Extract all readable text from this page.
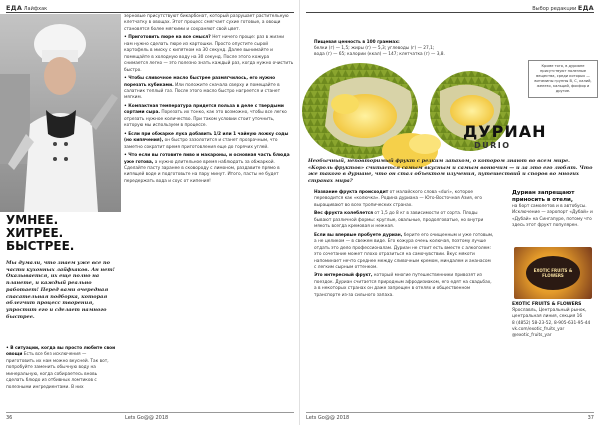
ЕДА Лайфхак
УМНЕЕ. ХИТРЕЕ. БЫСТРЕЕ.
Мы думали, что знаем уже все по части кухонных лайфхаков. Ан нет! Оказывается, их еще полно на планете, и каждый реально работает! Перед вами очередная спасательная подборка, которая облегчит процесс творения, упростит его и сделает намного быстрее.

• В ситуации, когда вы просто любите свои овощи Есть все без исключения — приготовить их нам можно вкусней. Так вот, попробуйте заменить обычную воду на минеральную, когда собираетесь вновь сделать блюдо из отбивных ломтиков с полезными ингредиентами. В них

зерновые присутствуют бикарбонат, который разрушает растительную клетчатку в овощах. Этот процесс смягчает сухие готовые, а овощи становятся более мягкими и сохраняют свой цвет.

• Приготовить пюре на все смысл? Нет ничего проще: раз в жизни нам нужно сделать пюре из картошки. Просто опустите сырой картофель в миску с кипятком на 30 секунд. Далее вынимайте и помещайте в холодную воду на 30 секунд. После этого кожура снимается легко — это полезно знать каждый раз, когда нужно очистить быстро.

• Чтобы сливочное масло быстрее размягчилось, его нужно порезать кубиками. Или положите сначала сверху и помещайте в салатник теплый газ. После этого масло быстро нагреется и станет мягким.

• Компактная температура придется польза в деле с твердыми сортами сыра. Порезать их тонко, как это возможно, чтобы все легко отрезать нужное количество. При таком условии стоит уточнить, которую мы используем в процессе.

• Если при обжарке лука добавить 1/2 или 1 чайную ложку соды (но кипячения), он быстро зазолотится и станет прозрачным, что заметно сократит время приготовления еще до горячих углей.

• Что если вы готовите пиво и макароны, и основная часть блюда уже готова, а нужно длительное время наблюдать за обжаркой. Сделайте пасту заранее в сковороду с лимоном, раздавите прямо в кипящей воде и подготовьте на пару минут. Итого, пасты не будет передержать вода и соус от кипения!

36	Lets Go@@ 2018
Выбор редакции ЕДА
Пищевая ценность в 100 граммах:
белки (г) — 1,5; жиры (г) — 5,3; углеводы (г) — 27,1;
вода (г) — 65; калории (ккал) — 147; клетчатка (г) — 3,8.
Кроме того, в дуриане присутствуют полезные вещества, среди которых — витамины группы B, C, калий, железо, кальций, фосфор и другие.
ДУРИАН
DURIO
Необычный, неповторимый фрукт с резким запахом, о котором знают во всем мире. «Король фруктов» считается самым вкусным и самым вонючим — и за это его любят. Что же такого в дуриане, что он стал объектом изучения, путешествий и споров во многих странах мира?

Название фрукта происходит от малайского слова «duri», которое переводится как «колючка». Родина дуриана — Юго-Восточная Азия, его выращивают во всех тропических странах.

Вес фрукта колеблется от 1,5 до 8 кг в зависимости от сорта. Плоды бывают различной формы: круглые, овальные, продолговатые, но внутри мякоть всегда кремовая и нежная.

Если вы впервые пробуете дуриан, берите его очищенным и уже готовым, а не целиком — в свежем виде. Его кожура очень колючая, поэтому лучше отдать это дело профессионалам. Дуриан не стоит есть вместе с алкоголем: это сочетание может плохо отразиться на самочувствии. Вкус мякоти напоминает нечто среднее между сливочным кремом, миндалем и ананасом с легким сырным оттенком.

Это интересный фрукт, который многие путешественники привозят из поездок. Дуриан считается природным афродизиаком, его едят на свадьбах, а в некоторых странах он даже запрещен в отелях и общественном транспорте из-за сильного запаха.

Дуриан запрещают приносить в отели,
на борт самолетов и в автобусы. Исключение — аэропорт «Дубай» и «Дубай» на Сингапуре, потому что здесь этот фрукт популярен.
EXOTIC FRUITS & FLOWERS
EXOTIC FRUITS & FLOWERS
Ярославль, Центральный рынок,
центральная линия, секция 16
8 (4852) 58-23-52, 8-905-631-95-44
vk.com/exotic_fruits_yar
@exotic_fruits_yar
Lets Go@@ 2018	37
